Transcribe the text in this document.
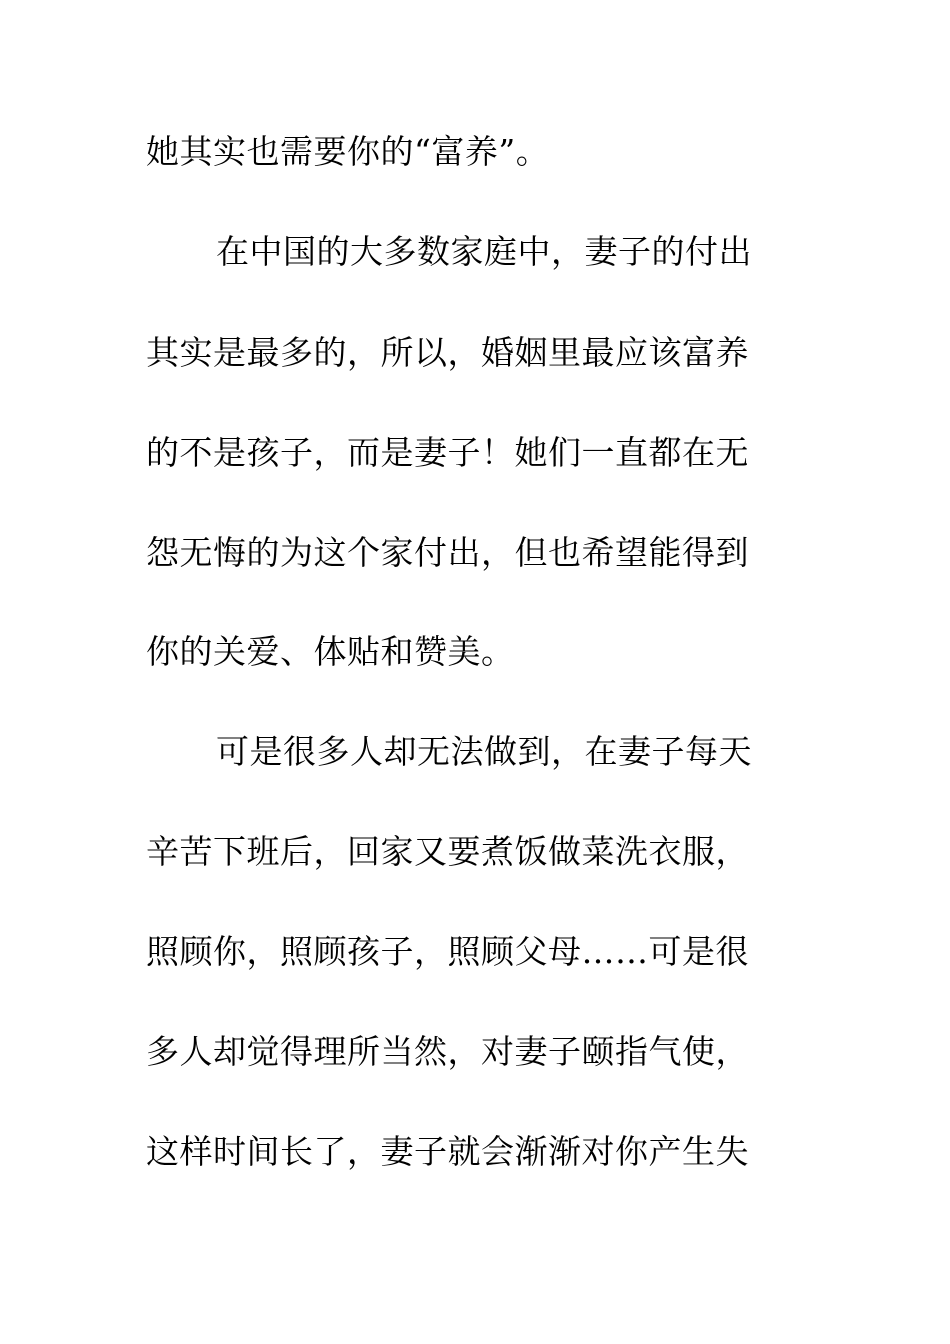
她其实也需要你的“富养”。
在中国的大多数家庭中，妻子的付出
其实是最多的，所以，婚姻里最应该富养
的不是孩子，而是妻子！她们一直都在无
怨无悔的为这个家付出，但也希望能得到
你的关爱、体贴和赞美。
可是很多人却无法做到，在妻子每天
辛苦下班后，回家又要煮饭做菜洗衣服，
照顾你，照顾孩子，照顾父母……可是很
多人却觉得理所当然，对妻子颐指气使，
这样时间长了，妻子就会渐渐对你产生失
